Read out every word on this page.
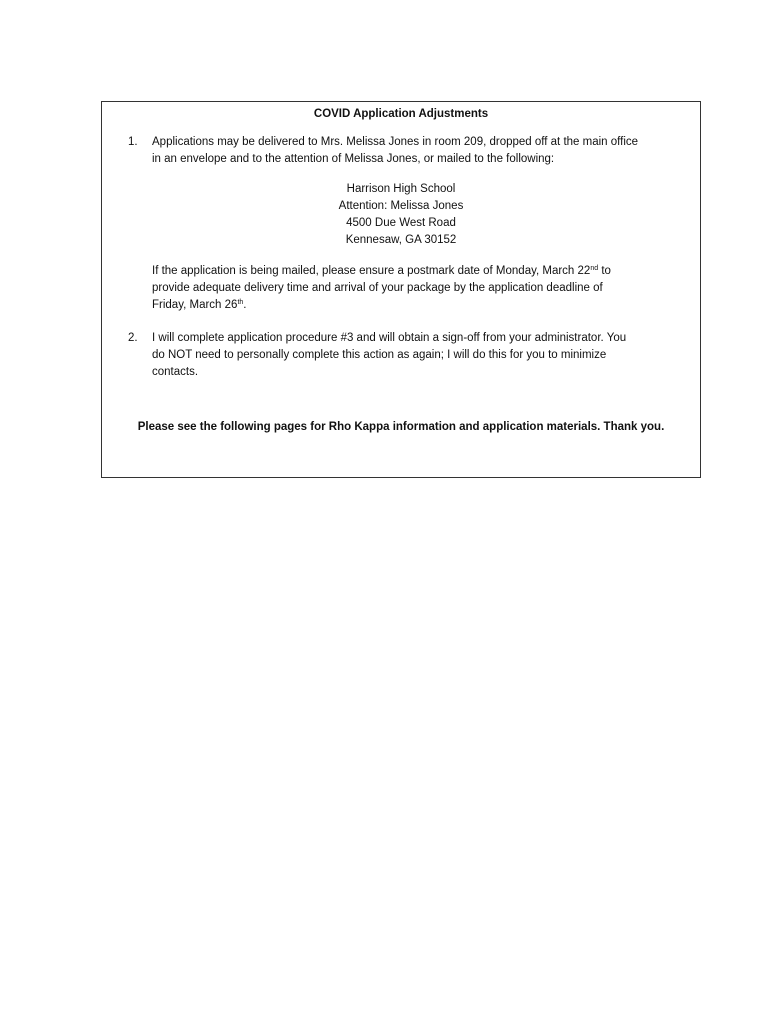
COVID Application Adjustments
1. Applications may be delivered to Mrs. Melissa Jones in room 209, dropped off at the main office
in an envelope and to the attention of Melissa Jones, or mailed to the following:

Harrison High School
Attention: Melissa Jones
4500 Due West Road
Kennesaw, GA 30152

If the application is being mailed, please ensure a postmark date of Monday, March 22nd to
provide adequate delivery time and arrival of your package by the application deadline of
Friday, March 26th.

2. I will complete application procedure #3 and will obtain a sign-off from your administrator. You
do NOT need to personally complete this action as again; I will do this for you to minimize
contacts.

Please see the following pages for Rho Kappa information and application materials. Thank you.
